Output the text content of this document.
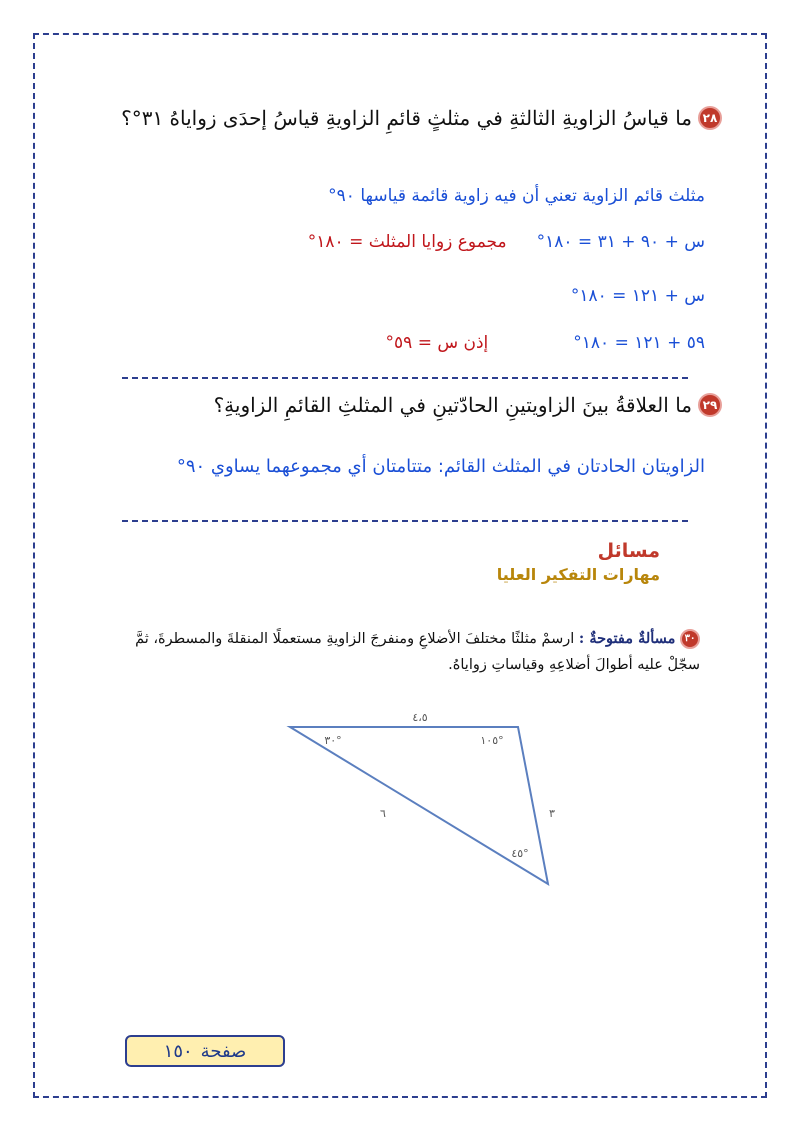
٢٨
ما قياسُ الزاويةِ الثالثةِ في مثلثٍ قائمِ الزاويةِ قياسُ إحدَى زواياهُ ٣١°؟
مثلث قائم الزاوية تعني أن فيه زاوية قائمة قياسها ٩٠°
س + ٩٠ + ٣١ = ١٨٠°
مجموع زوايا المثلث = ١٨٠°
س + ١٢١ = ١٨٠°
٥٩ + ١٢١ = ١٨٠°
إذن س = ٥٩°
٢٩
ما العلاقةُ بينَ الزاويتينِ الحادّتينِ في المثلثِ القائمِ الزاويةِ؟
الزاويتان الحادتان في المثلث القائم: متتامتان أي مجموعهما يساوي ٩٠°
مسائل
مهارات التفكير العليا
٣٠ مسألةٌ مفتوحةٌ : ارسمْ مثلثًا مختلفَ الأضلاعِ ومنفرجَ الزاويةِ مستعملًا المنقلةَ والمسطرةَ، ثمَّ سجّلْ عليه أطوالَ أضلاعِهِ وقياساتِ زواياهُ.
٤،٥
٦	٣
٣٠°	١٠٥°
٤٥°
صفحة
١٥٠
